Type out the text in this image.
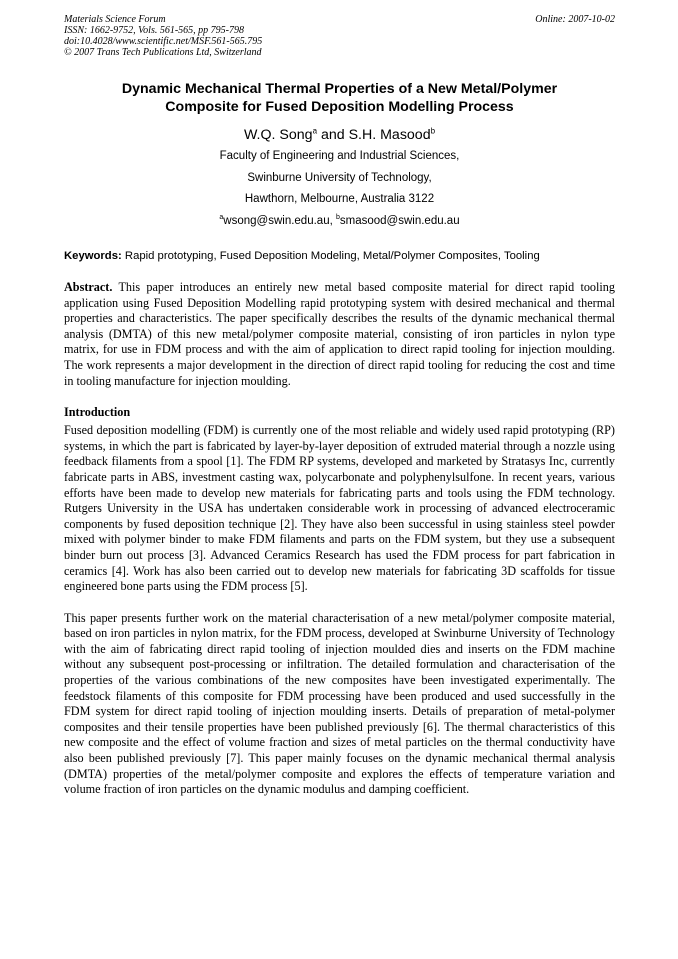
Materials Science Forum
ISSN: 1662-9752, Vols. 561-565, pp 795-798
doi:10.4028/www.scientific.net/MSF.561-565.795
© 2007 Trans Tech Publications Ltd, Switzerland
Online: 2007-10-02
Dynamic Mechanical Thermal Properties of a New Metal/Polymer
Composite for Fused Deposition Modelling Process
W.Q. Song$^a$ and S.H. Masood$^b$
Faculty of Engineering and Industrial Sciences,
Swinburne University of Technology,
Hawthorn, Melbourne, Australia 3122
$^a$wsong@swin.edu.au, $^b$smasood@swin.edu.au
Keywords: Rapid prototyping, Fused Deposition Modeling, Metal/Polymer Composites, Tooling
Abstract. This paper introduces an entirely new metal based composite material for direct rapid tooling application using Fused Deposition Modelling rapid prototyping system with desired mechanical and thermal properties and characteristics. The paper specifically describes the results of the dynamic mechanical thermal analysis (DMTA) of this new metal/polymer composite material, consisting of iron particles in nylon type matrix, for use in FDM process and with the aim of application to direct rapid tooling for injection moulding. The work represents a major development in the direction of direct rapid tooling for reducing the cost and time in tooling manufacture for injection moulding.
Introduction
Fused deposition modelling (FDM) is currently one of the most reliable and widely used rapid prototyping (RP) systems, in which the part is fabricated by layer-by-layer deposition of extruded material through a nozzle using feedback filaments from a spool [1]. The FDM RP systems, developed and marketed by Stratasys Inc, currently fabricate parts in ABS, investment casting wax, polycarbonate and polyphenylsulfone. In recent years, various efforts have been made to develop new materials for fabricating parts and tools using the FDM technology. Rutgers University in the USA has undertaken considerable work in processing of advanced electroceramic components by fused deposition technique [2]. They have also been successful in using stainless steel powder mixed with polymer binder to make FDM filaments and parts on the FDM system, but they use a subsequent binder burn out process [3]. Advanced Ceramics Research has used the FDM process for part fabrication in ceramics [4]. Work has also been carried out to develop new materials for fabricating 3D scaffolds for tissue engineered bone parts using the FDM process [5].
This paper presents further work on the material characterisation of a new metal/polymer composite material, based on iron particles in nylon matrix, for the FDM process, developed at Swinburne University of Technology with the aim of fabricating direct rapid tooling of injection moulded dies and inserts on the FDM machine without any subsequent post-processing or infiltration. The detailed formulation and characterisation of the properties of the various combinations of the new composites have been investigated experimentally. The feedstock filaments of this composite for FDM processing have been produced and used successfully in the FDM system for direct rapid tooling of injection moulding inserts. Details of preparation of metal-polymer composites and their tensile properties have been published previously [6]. The thermal characteristics of this new composite and the effect of volume fraction and sizes of metal particles on the thermal conductivity have also been published previously [7]. This paper mainly focuses on the dynamic mechanical thermal analysis (DMTA) properties of the metal/polymer composite and explores the effects of temperature variation and volume fraction of iron particles on the dynamic modulus and damping coefficient.
